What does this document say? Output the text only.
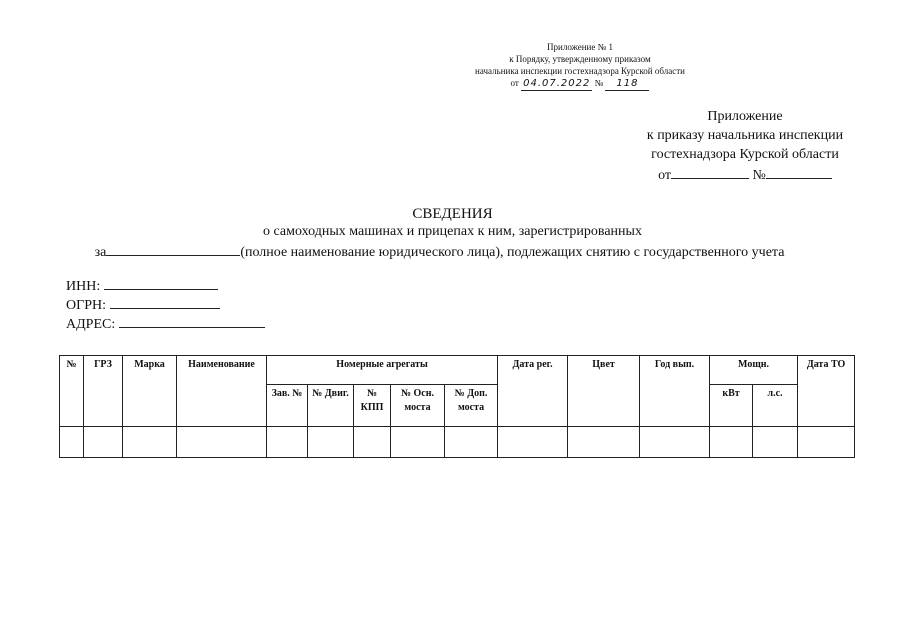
Приложение № 1
к Порядку, утвержденному приказом
начальника инспекции гостехнадзора Курской области
от 04.07.2022 № 118
Приложение
к приказу начальника инспекции
гостехнадзора Курской области
от	№
СВЕДЕНИЯ
о самоходных машинах и прицепах к ним, зарегистрированных
за	(полное наименование юридического лица), подлежащих снятию с государственного учета
ИНН:
ОГРН:
АДРЕС:
№	ГРЗ	Марка	Наименование	Номерные агрегаты					Дата рег.	Цвет	Год вып.	Мощн.		Дата ТО
				Зав. №	№ Двиг.	№ КПП	№ Осн. моста	№ Доп. моста				кВт	л.с.	
